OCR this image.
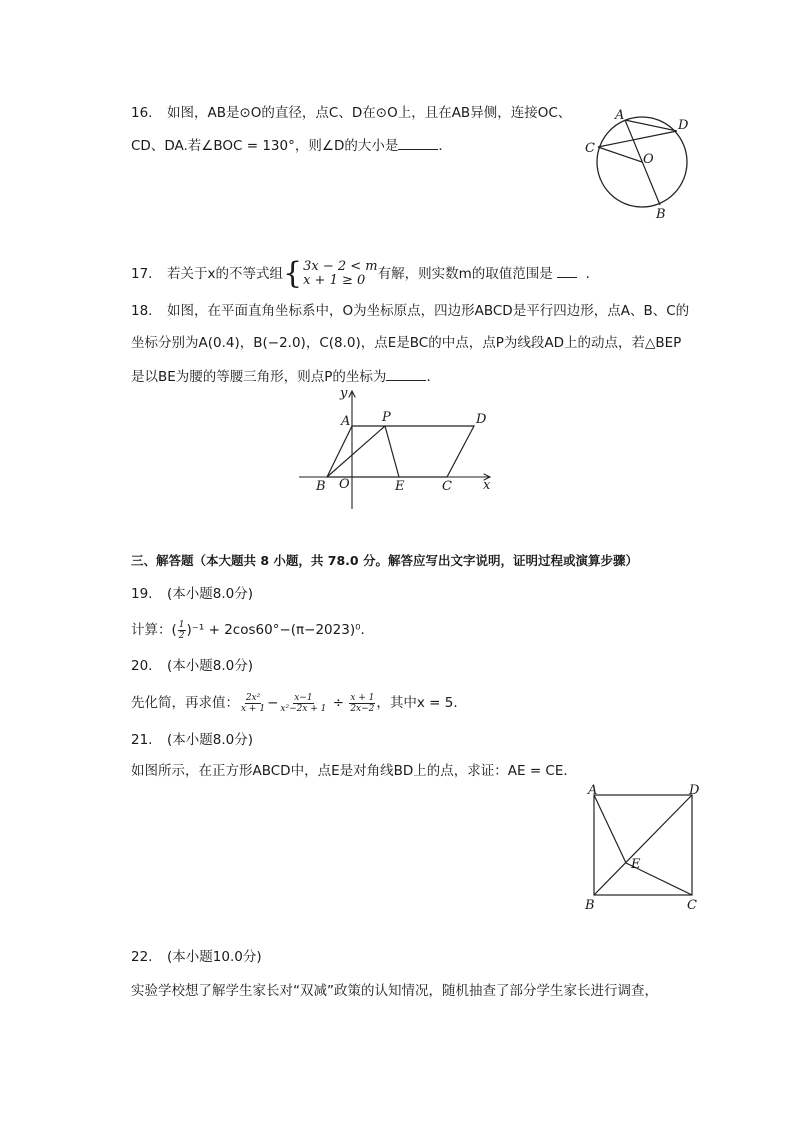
16. 如图，AB是⊙O的直径，点C、D在⊙O上，且在AB异侧，连接OC、
CD、DA.若∠BOC = 130°，则∠D的大小是	．
A
D
C
O
B
17. 若关于x的不等式组 { 3x − 2 < m
x + 1 ≥ 0 有解，则实数m的取值范围是 ．
18. 如图，在平面直角坐标系中，O为坐标原点，四边形ABCD是平行四边形，点A、B、C的
坐标分别为A(0.4)，B(−2.0)，C(8.0)，点E是BC的中点，点P为线段AD上的动点，若△BEP
是以BE为腰的等腰三角形，则点P的坐标为	．
A P	D
B O	E	C
y
x
三、解答题（本大题共 8 小题，共 78.0 分。解答应写出文字说明，证明过程或演算步骤）
19. (本小题8.0分)
计算：( $\frac{1}{2} )^{-1} + 2\cos 60^\circ-(\pi-2023)^0$．
20. (本小题8.0分)
先化简，再求值： $\frac{\text{2x²}}{x + 1} - \frac{x-1}{\text{x²−2x + 1}} \div \frac{x + 1}{2x-2}$ ，其中x = 5．
21. (本小题8.0分)
如图所示，在正方形ABCD中，点E是对角线BD上的点，求证：AE = CE．
A	D
E
B	C
22. (本小题10.0分)
实验学校想了解学生家长对“双减”政策的认知情况，随机抽查了部分学生家长进行调查，
